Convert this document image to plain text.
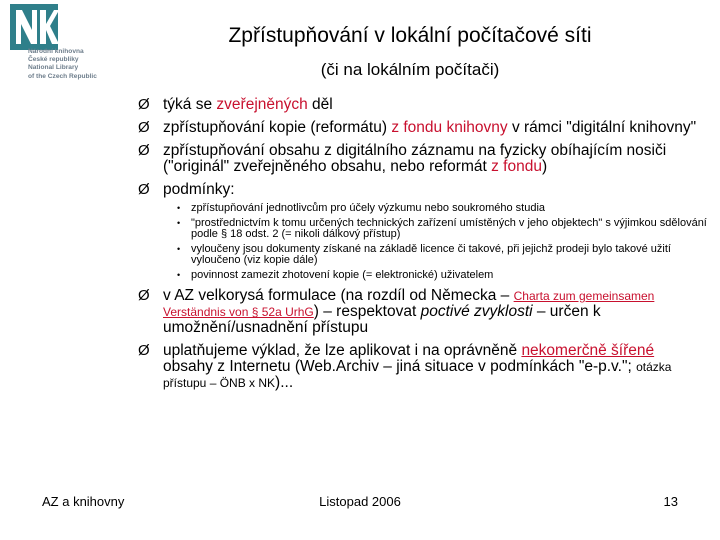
Národní knihovna
České republiky
National Library
of the Czech Republic
Zpřístupňování v lokální počítačové síti
(či na lokálním počítači)
Ø týká se zveřejněných děl
Ø zpřístupňování kopie (reformátu) z fondu knihovny v rámci "digitální knihovny"
Ø zpřístupňování obsahu z digitálního záznamu na fyzicky obíhajícím nosiči ("originál" zveřejněného obsahu, nebo reformát z fondu)
Ø podmínky:
• zpřístupňování jednotlivcům pro účely výzkumu nebo soukromého studia
• "prostřednictvím k tomu určených technických zařízení umístěných v jeho objektech" s výjimkou sdělování podle § 18 odst. 2 (= nikoli dálkový přístup)
• vyloučeny jsou dokumenty získané na základě licence či takové, při jejichž prodeji bylo takové užití vyloučeno (viz kopie dále)
• povinnost zamezit zhotovení kopie (= elektronické) uživatelem
Ø v AZ velkorysá formulace (na rozdíl od Německa – Charta zum gemeinsamen Verständnis von § 52a UrhG) – respektovat poctivé zvyklosti – určen k umožnění/usnadnění přístupu
Ø uplatňujeme výklad, že lze aplikovat i na oprávněně nekomerčně šířené obsahy z Internetu (Web.Archiv – jiná situace v podmínkách "e-p.v."; otázka přístupu – ÖNB x NK)...
AZ a knihovny	Listopad 2006	13
